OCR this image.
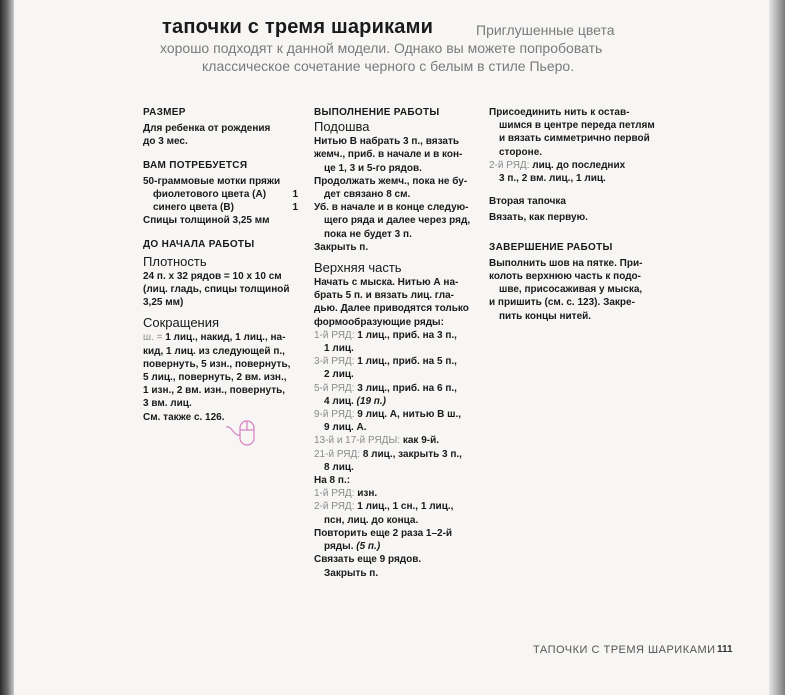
тапочки с тремя шариками	Приглушенные цвета
хорошо подходят к данной модели. Однако вы можете попробовать
классическое сочетание черного с белым в стиле Пьеро.
РАЗМЕР

Для ребенка от рождения

до 3 мес.

ВАМ ПОТРЕБУЕТСЯ

50-граммовые мотки пряжи

фиолетового цвета (А)	1
синего цвета (В)	1

Спицы толщиной 3,25 мм

ДО НАЧАЛА РАБОТЫ
Плотность

24 п. х 32 рядов = 10 х 10 см

(лиц. гладь, спицы толщиной

3,25 мм)

Сокращения

ш. = 1 лиц., накид, 1 лиц., на-

кид, 1 лиц. из следующей п.,

повернуть, 5 изн., повернуть,

5 лиц., повернуть, 2 вм. изн.,

1 изн., 2 вм. изн., повернуть,

3 вм. лиц.

См. также с. 126.

ВЫПОЛНЕНИЕ РАБОТЫ
Подошва

Нитью В набрать 3 п., вязать

жемч., приб. в начале и в кон-

це 1, 3 и 5-го рядов.

Продолжать жемч., пока не бу-

дет связано 8 см.

Уб. в начале и в конце следую-

щего ряда и далее через ряд,

пока не будет 3 п.

Закрыть п.

Верхняя часть

Начать с мыска. Нитью А на-

брать 5 п. и вязать лиц. гла-

дью. Далее приводятся только

формообразующие ряды:

1-й РЯД: 1 лиц., приб. на 3 п.,

1 лиц.

3-й РЯД: 1 лиц., приб. на 5 п.,

2 лиц.

5-й РЯД: 3 лиц., приб. на 6 п.,

4 лиц. (19 п.)

9-й РЯД: 9 лиц. А, нитью В ш.,

9 лиц. А.

13-й и 17-й РЯДЫ: как 9-й.

21-й РЯД: 8 лиц., закрыть 3 п.,

8 лиц.

На 8 п.:

1-й РЯД: изн.

2-й РЯД: 1 лиц., 1 сн., 1 лиц.,

псн, лиц. до конца.

Повторить еще 2 раза 1–2-й

ряды. (5 п.)

Связать еще 9 рядов.

Закрыть п.

Присоединить нить к остав-

шимся в центре переда петлям

и вязать симметрично первой

стороне.

2-й РЯД: лиц. до последних

3 п., 2 вм. лиц., 1 лиц.

Вторая тапочка

Вязать, как первую.

ЗАВЕРШЕНИЕ РАБОТЫ

Выполнить шов на пятке. При-

колоть верхнюю часть к подо-

шве, присосаживая у мыска,

и пришить (см. с. 123). Закре-

пить концы нитей.

ТАПОЧКИ С ТРЕМЯ ШАРИКАМИ 111
